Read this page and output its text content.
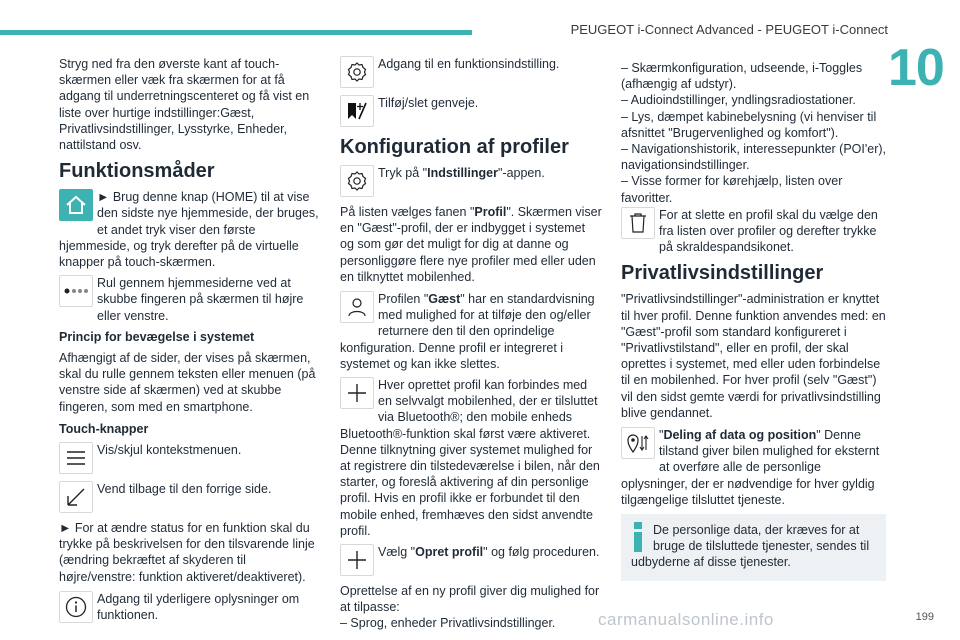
PEUGEOT i-Connect Advanced - PEUGEOT i-Connect
10

Stryg ned fra den øverste kant af touch-skærmen eller væk fra skærmen for at få adgang til underretningscenteret og få vist en liste over hurtige indstillinger:Gæst, Privatlivsindstillinger, Lysstyrke, Enheder, nattilstand osv.

Funktionsmåder
► Brug denne knap (HOME) til at vise den sidste nye hjemmeside, der bruges, et andet tryk viser den første hjemmeside, og tryk derefter på de virtuelle knapper på touch-skærmen.
Rul gennem hjemmesiderne ved at skubbe fingeren på skærmen til højre eller venstre.
Princip for bevægelse i systemet

Afhængigt af de sider, der vises på skærmen, skal du rulle gennem teksten eller menuen (på venstre side af skærmen) ved at skubbe fingeren, som med en smartphone.

Touch-knapper
Vis/skjul kontekstmenuen.
Vend tilbage til den forrige side.

► For at ændre status for en funktion skal du trykke på beskrivelsen for den tilsvarende linje (ændring bekræftet af skyderen til højre/venstre: funktion aktiveret/deaktiveret).

Adgang til yderligere oplysninger om funktionen.
Adgang til en funktionsindstilling.
Tilføj/slet genveje.
Konfiguration af profiler
Tryk på "Indstillinger"-appen.

På listen vælges fanen "Profil". Skærmen viser en "Gæst"-profil, der er indbygget i systemet og som gør det muligt for dig at danne og personliggøre flere nye profiler med eller uden en tilknyttet mobilenhed.

Profilen "Gæst" har en standardvisning med mulighed for at tilføje den og/eller returnere den til den oprindelige konfiguration. Denne profil er integreret i systemet og kan ikke slettes.
Hver oprettet profil kan forbindes med en selvvalgt mobilenhed, der er tilsluttet via Bluetooth®; den mobile enheds Bluetooth®-funktion skal først være aktiveret. Denne tilknytning giver systemet mulighed for at registrere din tilstedeværelse i bilen, når den starter, og foreslå aktivering af din personlige profil. Hvis en profil ikke er forbundet til den mobile enhed, fremhæves den sidst anvendte profil.
Vælg "Opret profil" og følg proceduren.

Oprettelse af en ny profil giver dig mulighed for at tilpasse:

– Sprog, enheder Privatlivsindstillinger.
– Skærmkonfiguration, udseende, i-Toggles (afhængig af udstyr).
– Audioindstillinger, yndlingsradiostationer.
– Lys, dæmpet kabinebelysning (vi henviser til afsnittet "Brugervenlighed og komfort").
– Navigationshistorik, interessepunkter (POI'er), navigationsindstillinger.
– Visse former for kørehjælp, listen over favoritter.
For at slette en profil skal du vælge den fra listen over profiler og derefter trykke på skraldespandsikonet.
Privatlivsindstillinger

"Privatlivsindstillinger"-administration er knyttet til hver profil. Denne funktion anvendes med: en "Gæst"-profil som standard konfigureret i "Privatlivstilstand", eller en profil, der skal oprettes i systemet, med eller uden forbindelse til en mobilenhed. For hver profil (selv "Gæst") vil den sidst gemte værdi for privatlivsindstilling blive gendannet.

"Deling af data og position" Denne tilstand giver bilen mulighed for eksternt at overføre alle de personlige oplysninger, der er nødvendige for hver gyldig tilgængelige tilsluttet tjeneste.
De personlige data, der kræves for at bruge de tilsluttede tjenester, sendes til udbyderne af disse tjenester.
carmanualsonline.info	199
